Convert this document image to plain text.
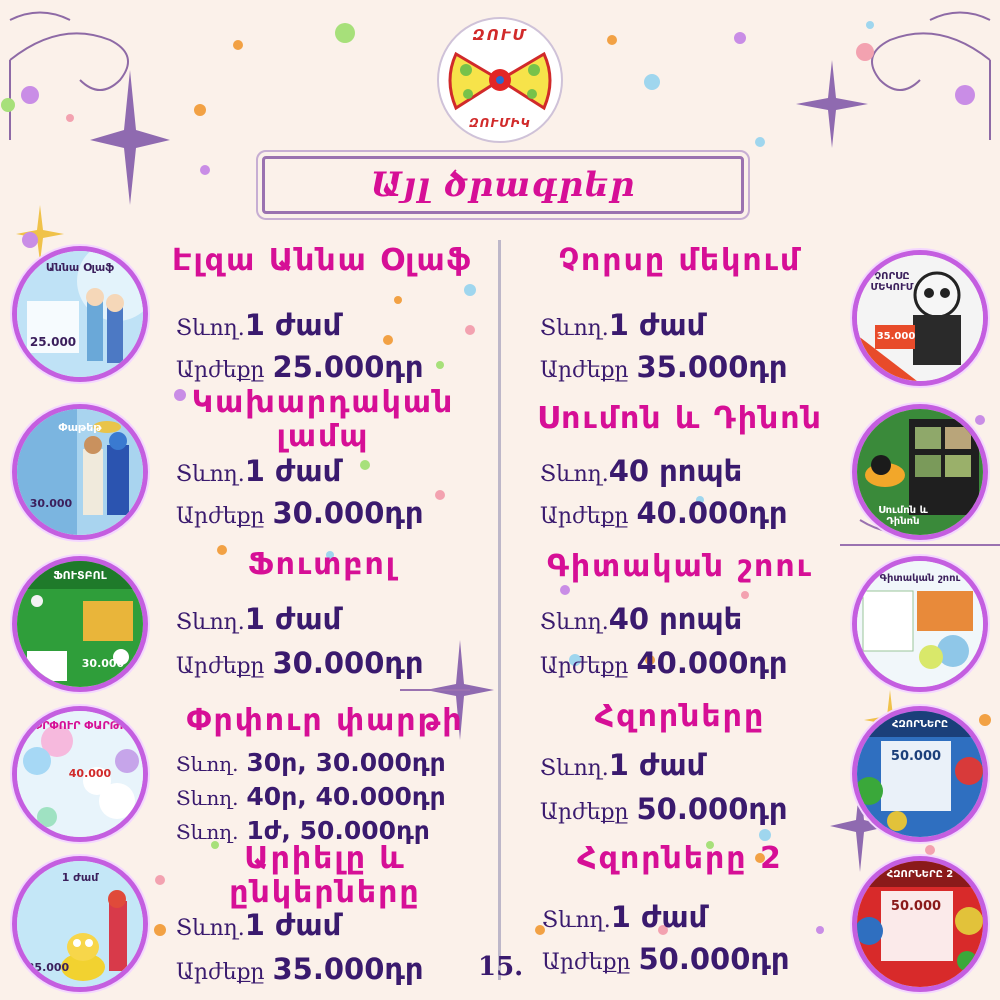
ԶՈՒՄ
ԶՈՒՄԻԿ
Այլ ծրագրեր
Աննա Օլաֆ
25.000
Փաթեթ
30.000
ՖՈՒՏԲՈԼ
30.000
ՓՐՓՈՒՐ ՓԱՐԹԻ
40.000
1 ժամ
35.000
ՉՈՐՍԸ ՄԵԿՈՒՄ
35.000
Սումոն և Դինոն
Գիտական շոու
ՀԶՈՐՆԵՐԸ
50.000
ՀԶՈՐՆԵՐԸ 2
50.000
Էլզա Աննա Օլաֆ
Տևող.1 ժամ
Արժեքը 25.000դր
Կախարդական լամպ
Տևող.1 ժամ
Արժեքը 30.000դր
Ֆուտբոլ
Տևող.1 ժամ
Արժեքը 30.000դր
Փրփուր փարթի
Տևող. 30ր, 30.000դր
Տևող. 40ր, 40.000դր
Տևող. 1ժ, 50.000դր
Արիելը և ընկերները
Տևող.1 ժամ
Արժեքը 35.000դր
Չորսը մեկում
Տևող.1 ժամ
Արժեքը 35.000դր
Սումոն և Դինոն
Տևող.40 րոպե
Արժեքը 40.000դր
Գիտական շոու
Տևող.40 րոպե
Արժեքը 40.000դր
Հզորները
Տևող.1 ժամ
Արժեքը 50.000դր
Հզորները 2
Տևող.1 ժամ
Արժեքը 50.000դր
15.
